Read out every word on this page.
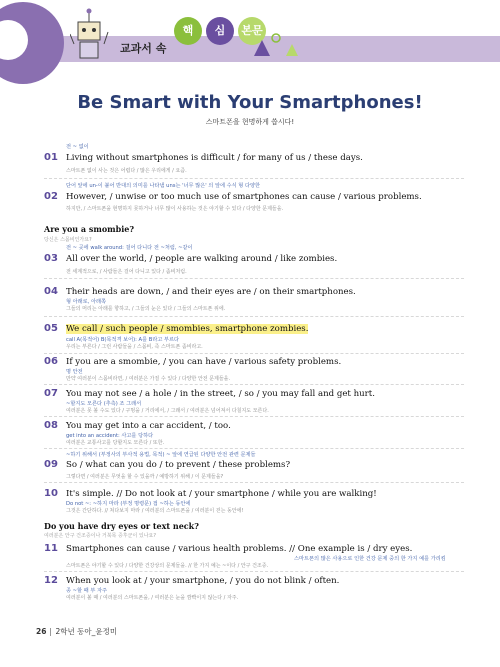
교과서 속
핵	심	본문
Be Smart with Your Smartphones!
스마트폰을 현명하게 씁시다!
전 ~ 없이
01 Living without smartphones is difficult / for many of us / these days.
스마트폰 없이 사는 것은 어렵다 / 많은 우리에게 / 요즘.
단어 앞에 un-이 붙어 반대의 의미를 나타냄 uns는 '너무 많은' 의 앞에 수식 형 다양한
02 However, / unwise or too much use of smartphones can cause / various problems.
하지만, / 스마트폰을 현명하지 못하거나 너무 많이 사용하는 것은 야기할 수 있다 / 다양한 문제들을.
Are you a smombie?
당신은 스몸비인가요?
전 ~ 곳에 walk around: 걸어 다니다 전 ~처럼, ~같이
03 All over the world, / people are walking around / like zombies.
전 세계적으로, / 사람들은 걸어 다니고 있다 / 좀비처럼.
04 Their heads are down, / and their eyes are / on their smartphones.
형 아래로, 아래쪽
그들의 머리는 아래를 향하고, / 그들의 눈은 있다 / 그들의 스마트폰 위에.
05 We call / such people / smombies, smartphone zombies.
call A(목적어) B(목적격 보어): A를 B라고 부르다
우리는 부른다 / 그런 사람들을 / 스몸비, 즉 스마트폰 좀비라고.
06 If you are a smombie, / you can have / various safety problems.
명 안전
만약 여러분이 스몸비라면, / 여러분은 가질 수 있다 / 다양한 안전 문제들을.
07 You may not see / a hole / in the street, / so / you may fall and get hurt.
~할지도 모른다 (추측) 조 그래서
여러분은 못 볼 수도 있다 / 구멍을 / 거리에서, / 그래서 / 여러분은 넘어져서 다칠지도 모른다.
08 You may get into a car accident, / too.
get into an accident: 사고를 당하다
여러분은 교통사고를 당할지도 모른다 / 또한.
~하기 위해서 (부정사의 부사적 용법, 목적) ~ 앞에 연급된 다양한 안전 관련 문제들
09 So / what can you do / to prevent / these problems?
그렇다면 / 여러분은 무엇을 할 수 있을까 / 예방하기 위해 / 이 문제들을?
10 It's simple. // Do not look at / your smartphone / while you are walking!
Do not ~: ~하지 마라 (부정 명령문) 접 ~하는 동안에
그것은 간단하다. // 쳐다보지 마라 / 여러분의 스마트폰을 / 여러분이 걷는 동안에!
Do you have dry eyes or text neck?
여러분은 안구 건조증이나 거북목 증후군이 있나요?
11 Smartphones can cause / various health problems. // One example is / dry eyes.
스마트폰의 많은 사용으로 인한 건강 문제 중의 한 가지 예를 가리킴
스마트폰은 야기할 수 있다 / 다양한 건강상의 문제들을. // 한 가지 예는 ~이다 / 안구 건조증.
12 When you look at / your smartphone, / you do not blink / often.
종 ~할 때 부 자주
여러분이 볼 때 / 여러분의 스마트폰을, / 여러분은 눈을 깜빡이지 않는다 / 자주.
26 2학년 동아_윤정미
